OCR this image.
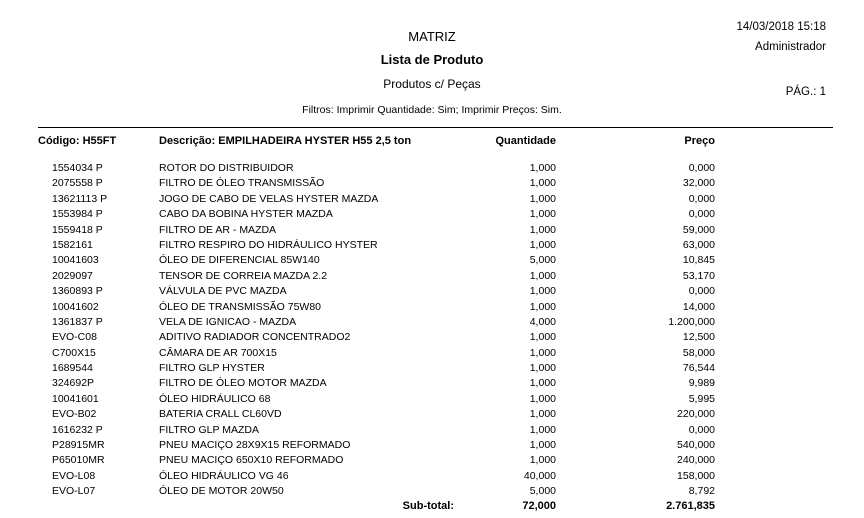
MATRIZ
Lista de Produto
Produtos c/ Peças
Filtros: Imprimir Quantidade: Sim; Imprimir Preços: Sim.
14/03/2018 15:18
Administrador
PÁG.: 1
Código: H55FT	Descrição: EMPILHADEIRA HYSTER H55 2,5 ton	Quantidade	Preço
1554034 P	ROTOR DO DISTRIBUIDOR	1,000	0,000
2075558 P	FILTRO DE ÓLEO TRANSMISSÃO	1,000	32,000
13621113 P	JOGO DE CABO DE VELAS HYSTER MAZDA	1,000	0,000
1553984 P	CABO DA BOBINA HYSTER MAZDA	1,000	0,000
1559418 P	FILTRO DE AR - MAZDA	1,000	59,000
1582161	FILTRO RESPIRO DO HIDRÁULICO HYSTER	1,000	63,000
10041603	ÓLEO DE DIFERENCIAL 85W140	5,000	10,845
2029097	TENSOR DE CORREIA MAZDA 2.2	1,000	53,170
1360893 P	VÁLVULA DE PVC MAZDA	1,000	0,000
10041602	ÓLEO DE TRANSMISSÃO 75W80	1,000	14,000
1361837 P	VELA DE IGNICAO - MAZDA	4,000	1.200,000
EVO-C08	ADITIVO RADIADOR CONCENTRADO2	1,000	12,500
C700X15	CÂMARA DE AR 700X15	1,000	58,000
1689544	FILTRO GLP HYSTER	1,000	76,544
324692P	FILTRO DE ÓLEO MOTOR MAZDA	1,000	9,989
10041601	ÓLEO HIDRÁULICO 68	1,000	5,995
EVO-B02	BATERIA CRALL CL60VD	1,000	220,000
1616232 P	FILTRO GLP MAZDA	1,000	0,000
P28915MR	PNEU MACIÇO 28X9X15 REFORMADO	1,000	540,000
P65010MR	PNEU MACIÇO 650X10 REFORMADO	1,000	240,000
EVO-L08	ÓLEO HIDRÁULICO VG 46	40,000	158,000
EVO-L07	ÓLEO DE MOTOR 20W50	5,000	8,792
Sub-total:	72,000	2.761,835
